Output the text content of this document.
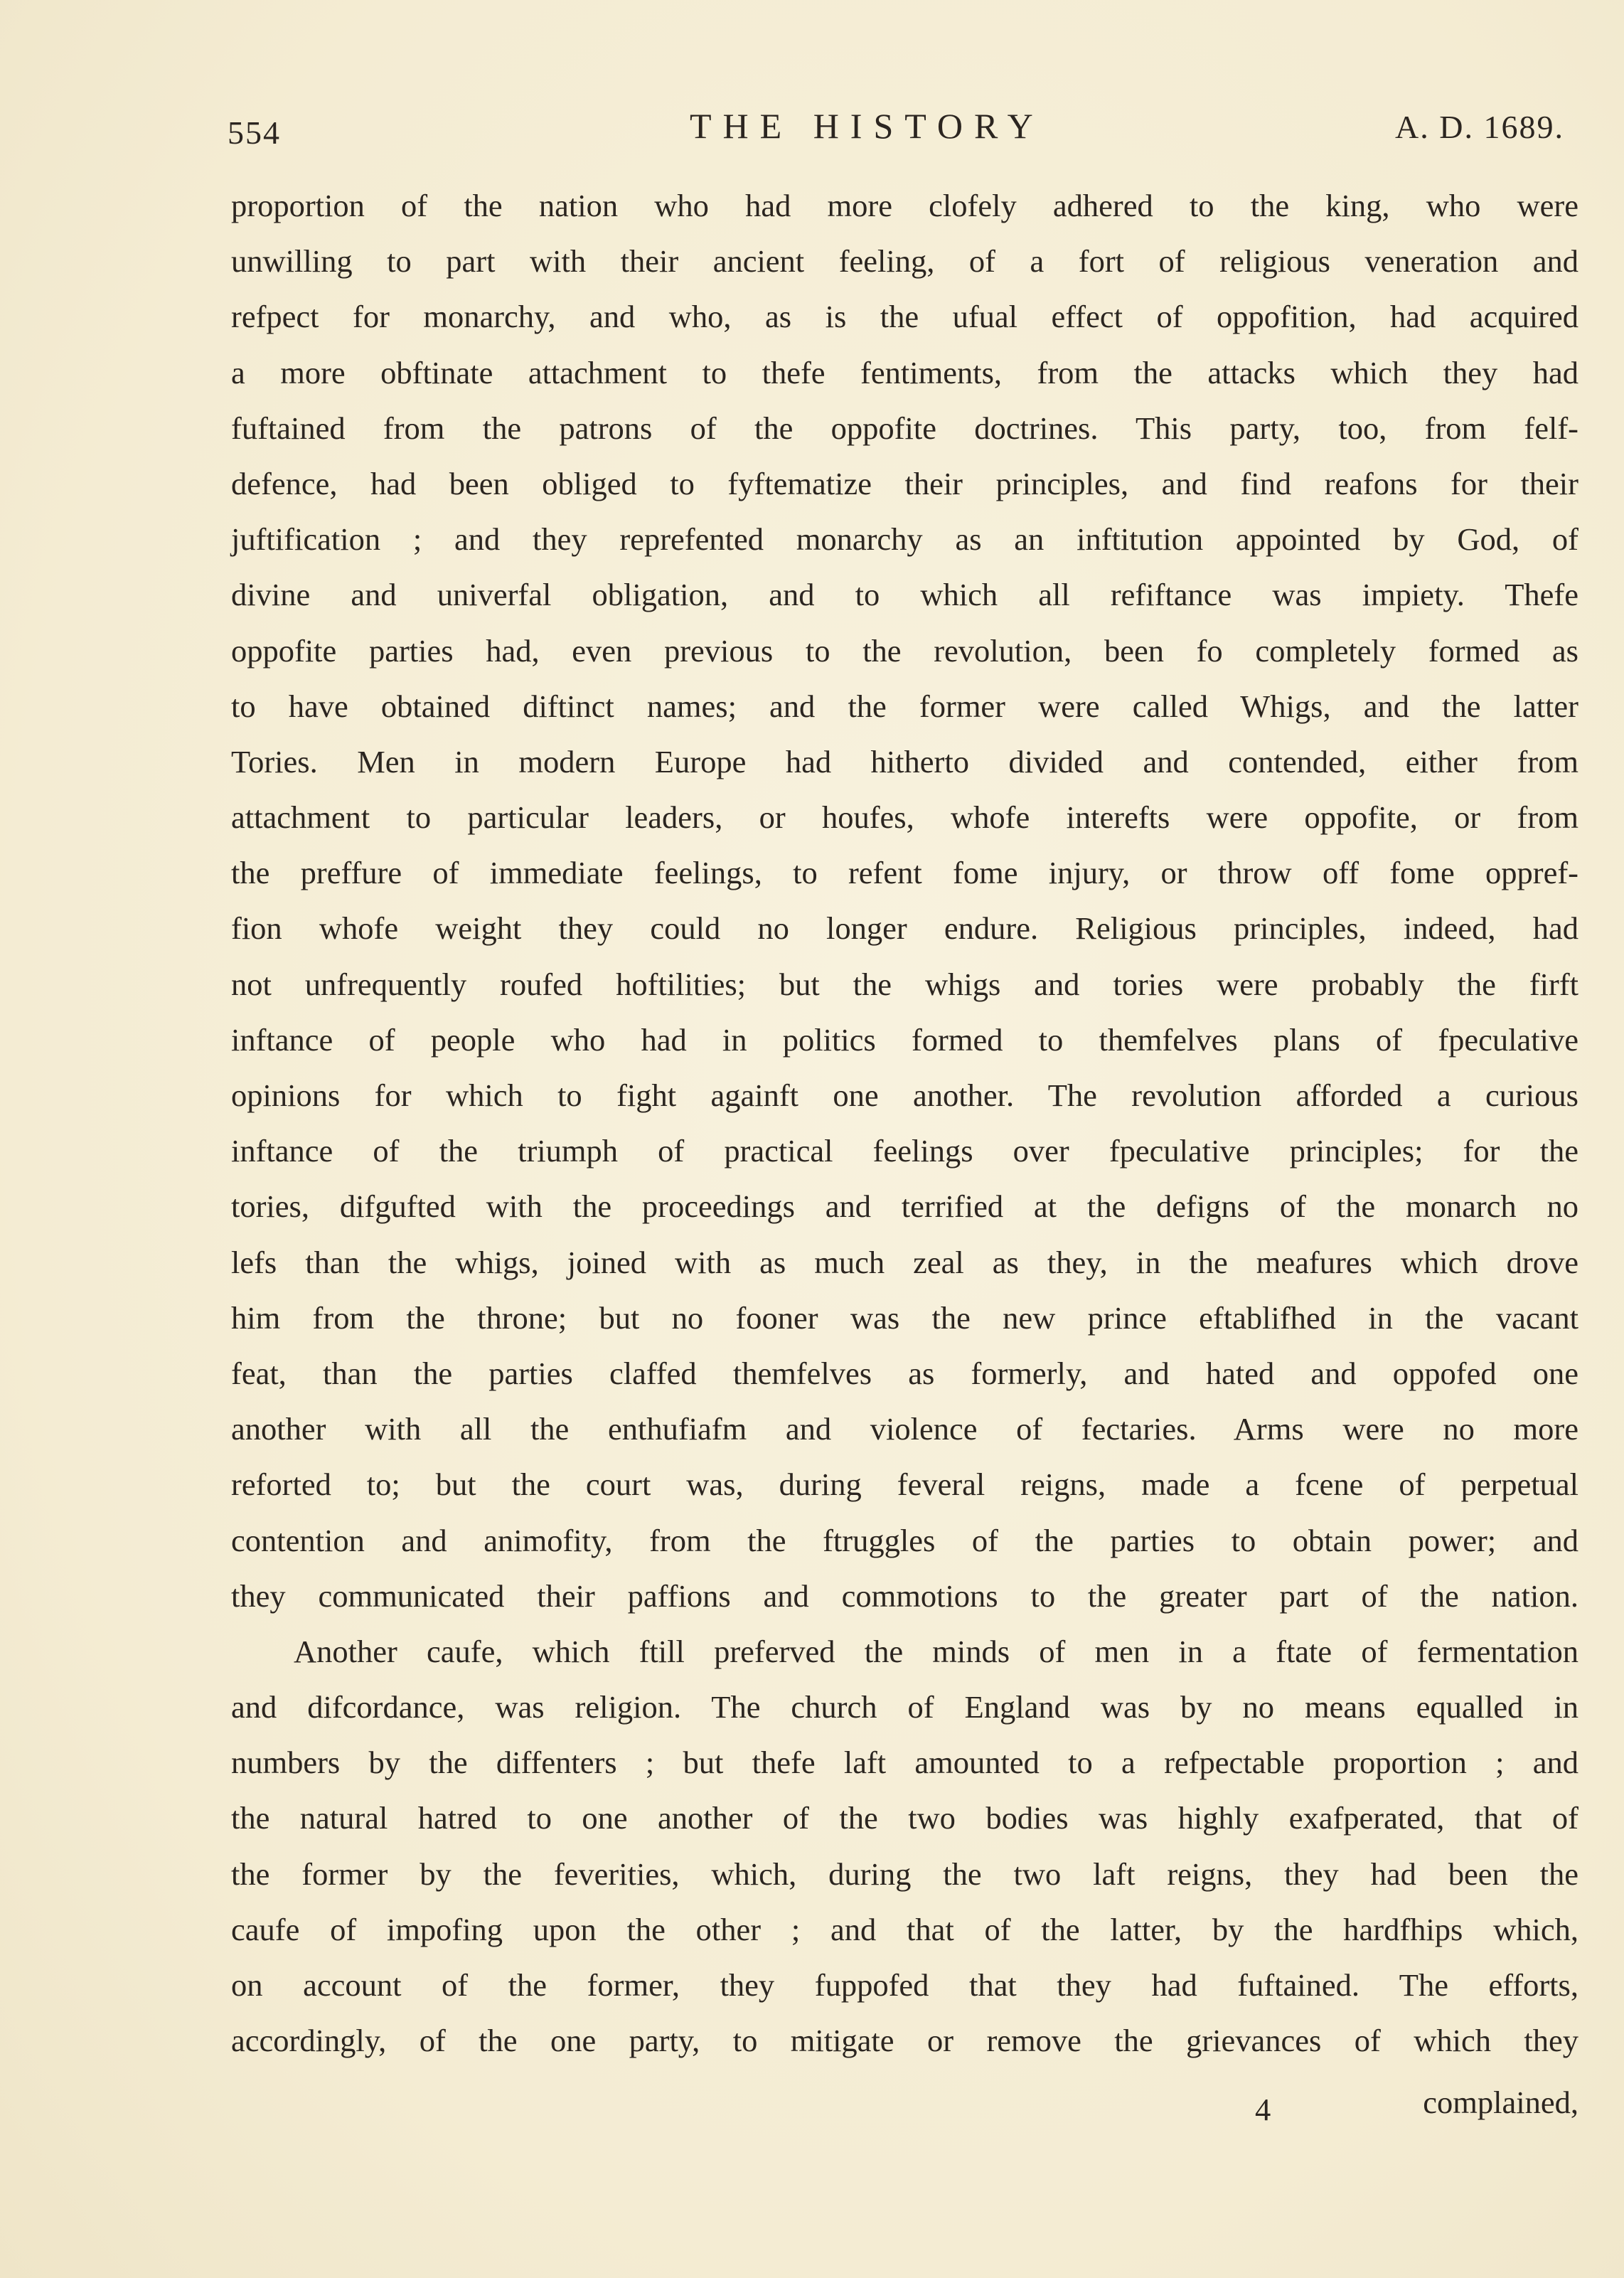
554	THE HISTORY	A. D. 1689.
proportion of the nation who had more clofely adhered to the king, who were
unwilling to part with their ancient feeling, of a fort of religious veneration and
refpect for monarchy, and who, as is the ufual effect of oppofition, had acquired
a more obftinate attachment to thefe fentiments, from the attacks which they had
fuftained from the patrons of the oppofite doctrines. This party, too, from felf-
defence, had been obliged to fyftematize their principles, and find reafons for their
juftification ; and they reprefented monarchy as an inftitution appointed by God, of
divine and univerfal obligation, and to which all refiftance was impiety. Thefe
oppofite parties had, even previous to the revolution, been fo completely formed as
to have obtained diftinct names; and the former were called Whigs, and the latter
Tories. Men in modern Europe had hitherto divided and contended, either from
attachment to particular leaders, or houfes, whofe interefts were oppofite, or from
the preffure of immediate feelings, to refent fome injury, or throw off fome oppref-
fion whofe weight they could no longer endure. Religious principles, indeed, had
not unfrequently roufed hoftilities; but the whigs and tories were probably the firft
inftance of people who had in politics formed to themfelves plans of fpeculative
opinions for which to fight againft one another. The revolution afforded a curious
inftance of the triumph of practical feelings over fpeculative principles; for the
tories, difgufted with the proceedings and terrified at the defigns of the monarch no
lefs than the whigs, joined with as much zeal as they, in the meafures which drove
him from the throne; but no fooner was the new prince eftablifhed in the vacant
feat, than the parties claffed themfelves as formerly, and hated and oppofed one
another with all the enthufiafm and violence of fectaries. Arms were no more
reforted to; but the court was, during feveral reigns, made a fcene of perpetual
contention and animofity, from the ftruggles of the parties to obtain power; and
they communicated their paffions and commotions to the greater part of the nation.
Another caufe, which ftill preferved the minds of men in a ftate of fermentation
and difcordance, was religion. The church of England was by no means equalled in
numbers by the diffenters ; but thefe laft amounted to a refpectable proportion ; and
the natural hatred to one another of the two bodies was highly exafperated, that of
the former by the feverities, which, during the two laft reigns, they had been the
caufe of impofing upon the other ; and that of the latter, by the hardfhips which,
on account of the former, they fuppofed that they had fuftained. The efforts,
accordingly, of the one party, to mitigate or remove the grievances of which they
4	complained,
